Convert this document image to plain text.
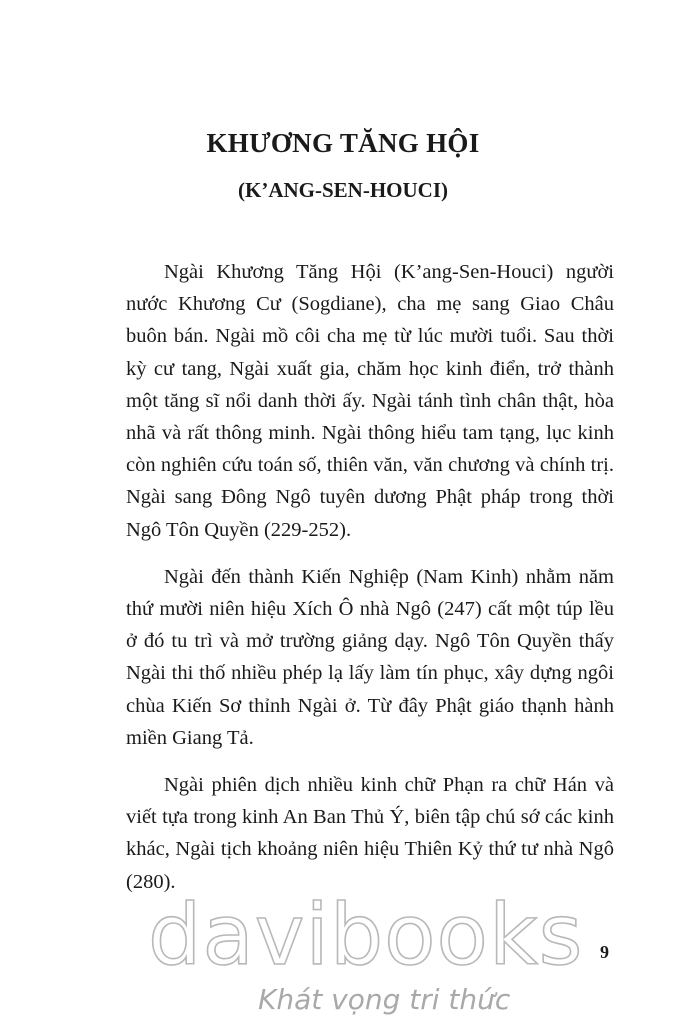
KHƯƠNG TĂNG HỘI
(K’ANG-SEN-HOUCI)

Ngài Khương Tăng Hội (K’ang-Sen-Houci) người nước Khương Cư (Sogdiane), cha mẹ sang Giao Châu buôn bán. Ngài mồ côi cha mẹ từ lúc mười tuổi. Sau thời kỳ cư tang, Ngài xuất gia, chăm học kinh điển, trở thành một tăng sĩ nổi danh thời ấy. Ngài tánh tình chân thật, hòa nhã và rất thông minh. Ngài thông hiểu tam tạng, lục kinh còn nghiên cứu toán số, thiên văn, văn chương và chính trị. Ngài sang Đông Ngô tuyên dương Phật pháp trong thời Ngô Tôn Quyền (229-252).

Ngài đến thành Kiến Nghiệp (Nam Kinh) nhằm năm thứ mười niên hiệu Xích Ô nhà Ngô (247) cất một túp lều ở đó tu trì và mở trường giảng dạy. Ngô Tôn Quyền thấy Ngài thi thố nhiều phép lạ lấy làm tín phục, xây dựng ngôi chùa Kiến Sơ thỉnh Ngài ở. Từ đây Phật giáo thạnh hành miền Giang Tả.

Ngài phiên dịch nhiều kinh chữ Phạn ra chữ Hán và viết tựa trong kinh An Ban Thủ Ý, biên tập chú sớ các kinh khác, Ngài tịch khoảng niên hiệu Thiên Kỷ thứ tư nhà Ngô (280).

9
davibooks
Khát vọng tri thức
